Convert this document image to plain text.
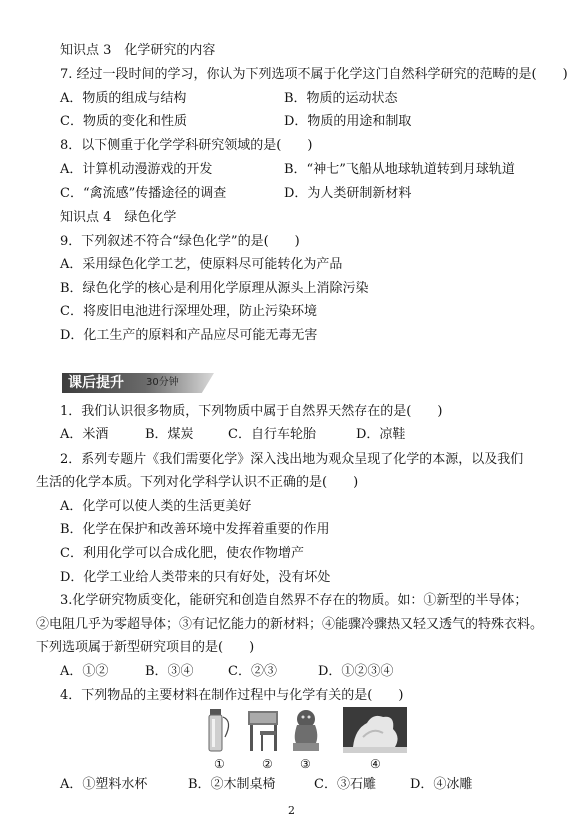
知识点 3　化学研究的内容
7. 经过一段时间的学习，你认为下列选项不属于化学这门自然科学研究的范畴的是(　　)
A．物质的组成与结构	B．物质的运动状态
C．物质的变化和性质	D．物质的用途和制取
8．以下侧重于化学学科研究领域的是(　　)
A．计算机动漫游戏的开发	B．“神七”飞船从地球轨道转到月球轨道
C．“禽流感”传播途径的调查	D．为人类研制新材料
知识点 4　绿色化学
9．下列叙述不符合“绿色化学”的是(　　)
A．采用绿色化学工艺，使原料尽可能转化为产品
B．绿色化学的核心是利用化学原理从源头上消除污染
C．将废旧电池进行深埋处理，防止污染环境
D．化工生产的原料和产品应尽可能无毒无害
课后提升 30分钟
1．我们认识很多物质，下列物质中属于自然界天然存在的是(　　)
A．米酒	B．煤炭	C．自行车轮胎	D．凉鞋
2．系列专题片《我们需要化学》深入浅出地为观众呈现了化学的本源，以及我们
生活的化学本质。下列对化学科学认识不正确的是(　　)
A．化学可以使人类的生活更美好
B．化学在保护和改善环境中发挥着重要的作用
C．利用化学可以合成化肥，使农作物增产
D．化学工业给人类带来的只有好处，没有坏处
3.化学研究物质变化，能研究和创造自然界不存在的物质。如：①新型的半导体；
②电阻几乎为零超导体；③有记忆能力的新材料；④能骤冷骤热又轻又透气的特殊衣料。
下列选项属于新型研究项目的是(　　)
A．①②	B．③④	C．②③	D．①②③④
4．下列物品的主要材料在制作过程中与化学有关的是(　　)
①	② ③	④
A．①塑料水杯	B．②木制桌椅	C．③石雕	D．④冰雕
2
